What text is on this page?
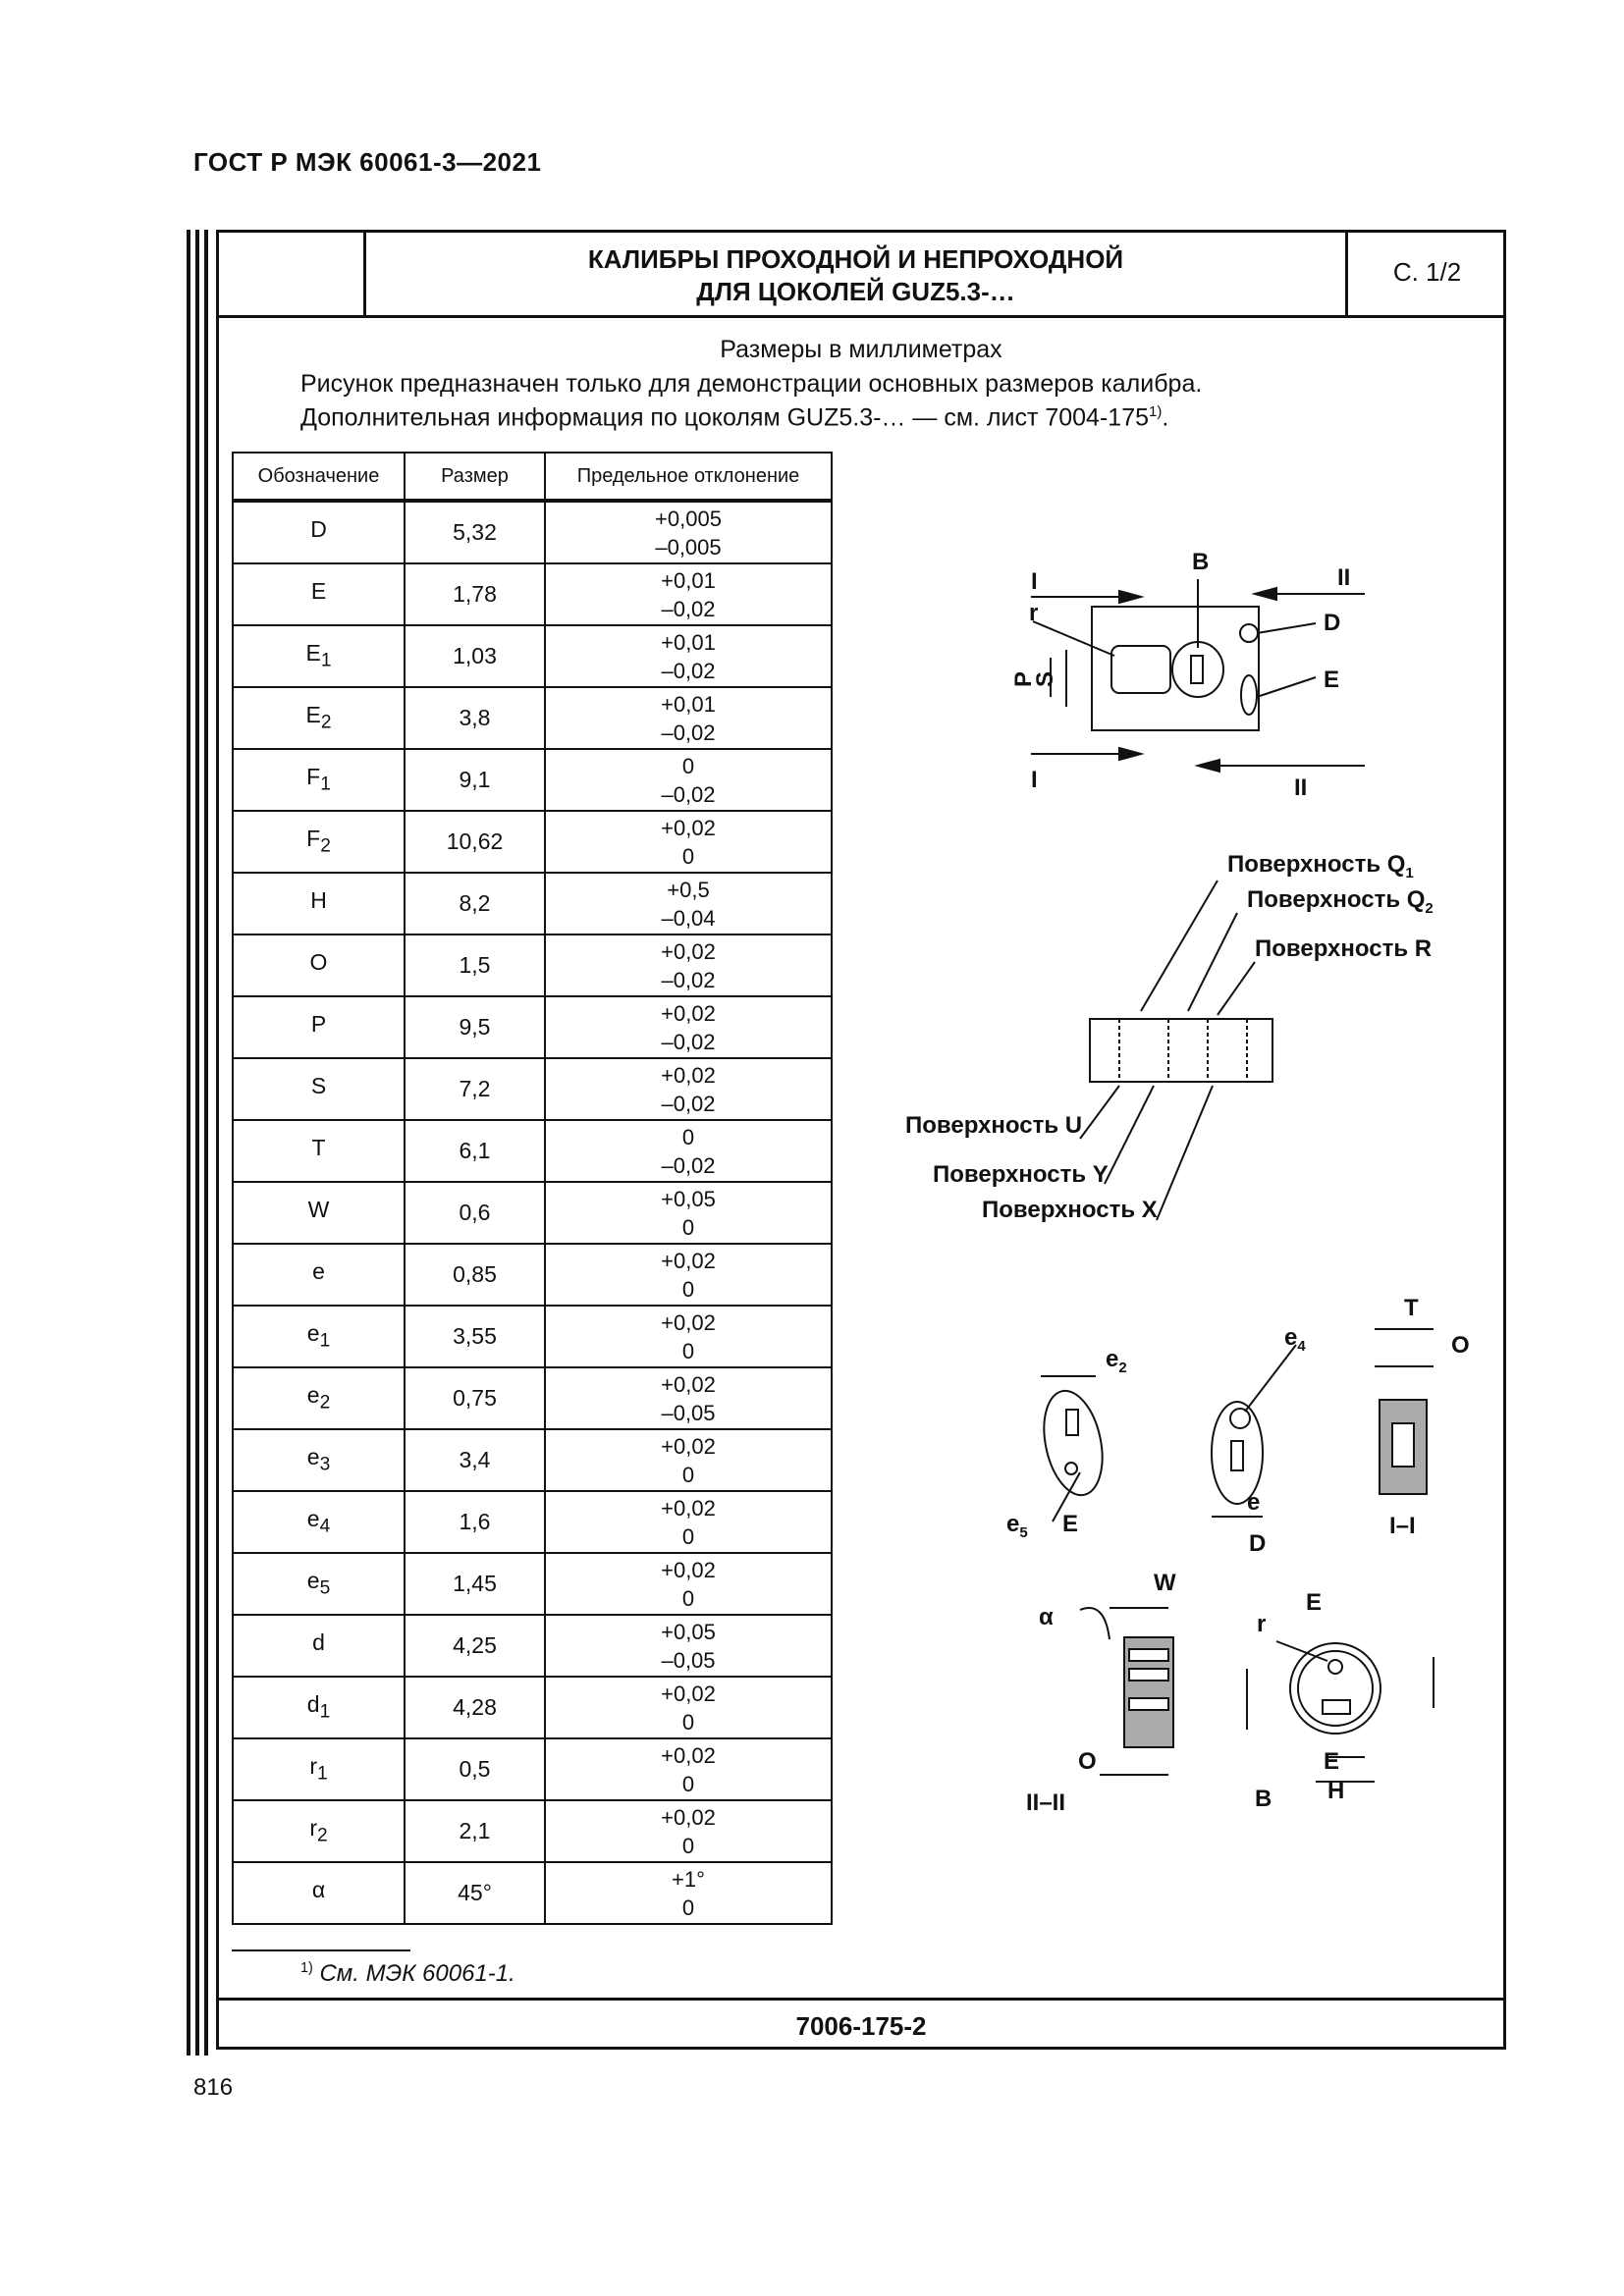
ГОСТ Р МЭК 60061-3—2021
КАЛИБРЫ ПРОХОДНОЙ И НЕПРОХОДНОЙ
ДЛЯ ЦОКОЛЕЙ GUZ5.3-…
С. 1/2
Размеры в миллиметрах
Рисунок предназначен только для демонстрации основных размеров калибра.
Дополнительная информация по цоколям GUZ5.3-… — см. лист 7004-175$^{1)}$.
Обозначение	Размер	Предельное отклонение
D	5,32	+0,005
–0,005

E	1,78	+0,01
–0,02

$E_1$	1,03	+0,01
–0,02

$E_2$	3,8	+0,01
–0,02

$F_1$	9,1	0
–0,02

$F_2$	10,62	+0,02
0

H	8,2	+0,5
–0,04

O	1,5	+0,02
–0,02

P	9,5	+0,02
–0,02

S	7,2	+0,02
–0,02

T	6,1	0
–0,02

W	0,6	+0,05
0

e	0,85	+0,02
0

$e_1$	3,55	+0,02
0

$e_2$	0,75	+0,02
–0,05

$e_3$	3,4	+0,02
0

$e_4$	1,6	+0,02
0

$e_5$	1,45	+0,02
0

d	4,25	+0,05
–0,05

$d_1$	4,28	+0,02
0

$r_1$	0,5	+0,02
0

$r_2$	2,1	+0,02
0

α	45°	+1°
0
$^{1)}$ См. МЭК 60061-1.
7006-175-2
816
I
I
B
II
II
D
E
r
P
S
Поверхность $Q_1$
Поверхность $Q_2$
Поверхность R
Поверхность U
Поверхность Y
Поверхность X
$e_2$
$e_4$
$e_5$ E
e
D
T
O
I–I
W
α
O
II–II	B
E
r
E
H
